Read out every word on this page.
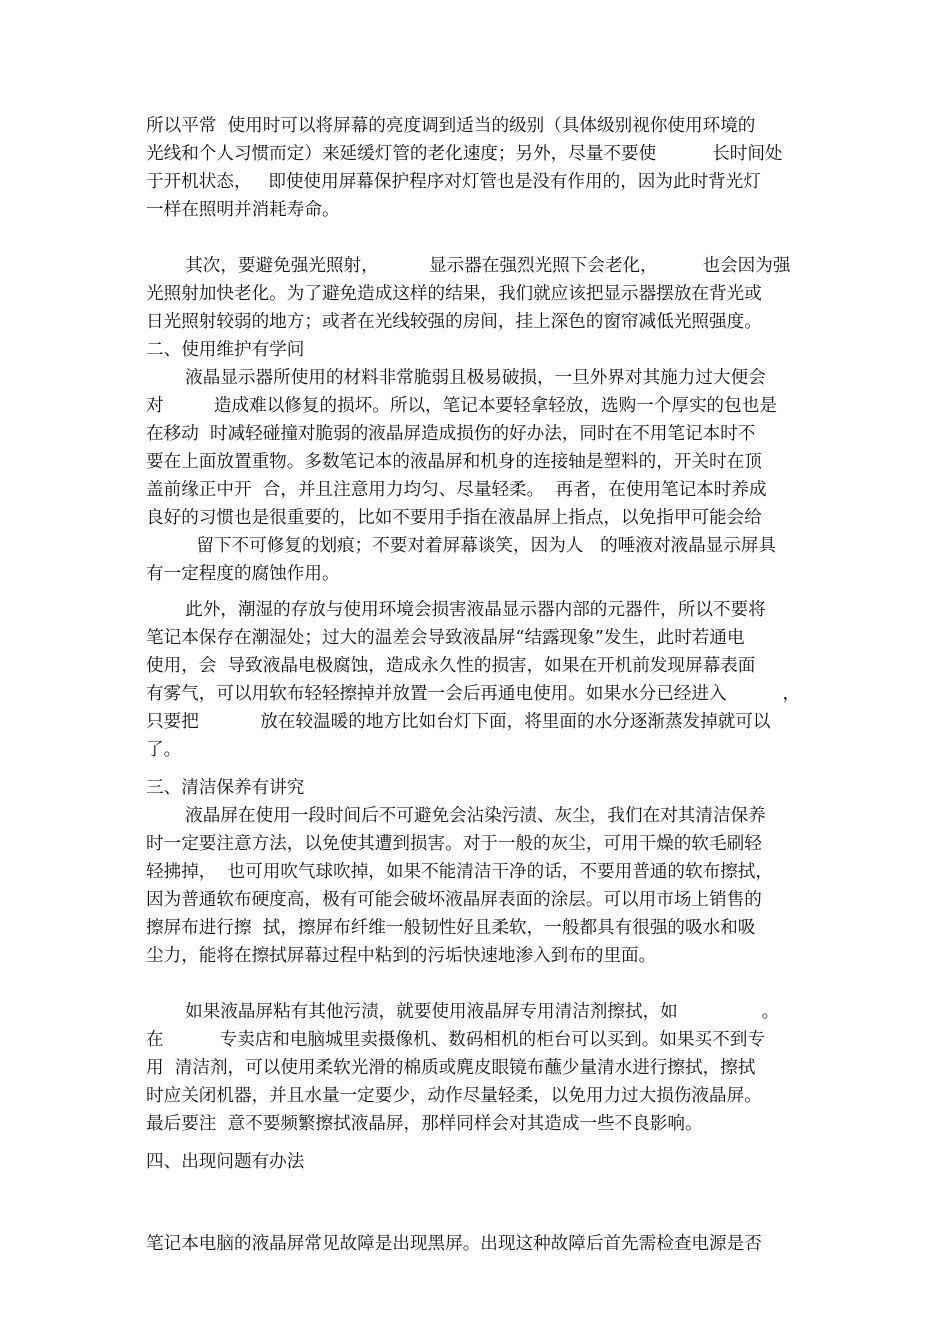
所以平常  使用时可以将屏幕的亮度调到适当的级别（具体级别视你使用环境的
光线和个人习惯而定）来延缓灯管的老化速度；另外，尽量不要使          长时间处
于开机状态，   即使使用屏幕保护程序对灯管也是没有作用的，因为此时背光灯
一样在照明并消耗寿命。
其次，要避免强光照射，         显示器在强烈光照下会老化，        也会因为强
光照射加快老化。为了避免造成这样的结果，我们就应该把显示器摆放在背光或
日光照射较弱的地方；或者在光线较强的房间，挂上深色的窗帘减低光照强度。
二、使用维护有学问
液晶显示器所使用的材料非常脆弱且极易破损，一旦外界对其施力过大便会
对         造成难以修复的损坏。所以，笔记本要轻拿轻放，选购一个厚实的包也是
在移动  时减轻碰撞对脆弱的液晶屏造成损伤的好办法，同时在不用笔记本时不
要在上面放置重物。多数笔记本的液晶屏和机身的连接轴是塑料的，开关时在顶
盖前缘正中开  合，并且注意用力均匀、尽量轻柔。  再者，在使用笔记本时养成
良好的习惯也是很重要的，比如不要用手指在液晶屏上指点，以免指甲可能会给
留下不可修复的划痕；不要对着屏幕谈笑，因为人   的唾液对液晶显示屏具
有一定程度的腐蚀作用。
此外，潮湿的存放与使用环境会损害液晶显示器内部的元器件，所以不要将
笔记本保存在潮湿处；过大的温差会导致液晶屏“结露现象”发生，此时若通电
使用，会  导致液晶电极腐蚀，造成永久性的损害，如果在开机前发现屏幕表面
有雾气，可以用软布轻轻擦掉并放置一会后再通电使用。如果水分已经进入          ，
只要把           放在较温暖的地方比如台灯下面，将里面的水分逐渐蒸发掉就可以
了。
三、清洁保养有讲究
液晶屏在使用一段时间后不可避免会沾染污渍、灰尘，我们在对其清洁保养
时一定要注意方法，以免使其遭到损害。对于一般的灰尘，可用干燥的软毛刷轻
轻拂掉，  也可用吹气球吹掉，如果不能清洁干净的话，不要用普通的软布擦拭，
因为普通软布硬度高，极有可能会破坏液晶屏表面的涂层。可以用市场上销售的
擦屏布进行擦  拭，擦屏布纤维一般韧性好且柔软，一般都具有很强的吸水和吸
尘力，能将在擦拭屏幕过程中粘到的污垢快速地渗入到布的里面。
如果液晶屏粘有其他污渍，就要使用液晶屏专用清洁剂擦拭，如               。
在          专卖店和电脑城里卖摄像机、数码相机的柜台可以买到。如果买不到专
用  清洁剂，可以使用柔软光滑的棉质或麂皮眼镜布蘸少量清水进行擦拭，擦拭
时应关闭机器，并且水量一定要少，动作尽量轻柔，以免用力过大损伤液晶屏。
最后要注  意不要频繁擦拭液晶屏，那样同样会对其造成一些不良影响。
四、出现问题有办法
笔记本电脑的液晶屏常见故障是出现黑屏。出现这种故障后首先需检查电源是否
